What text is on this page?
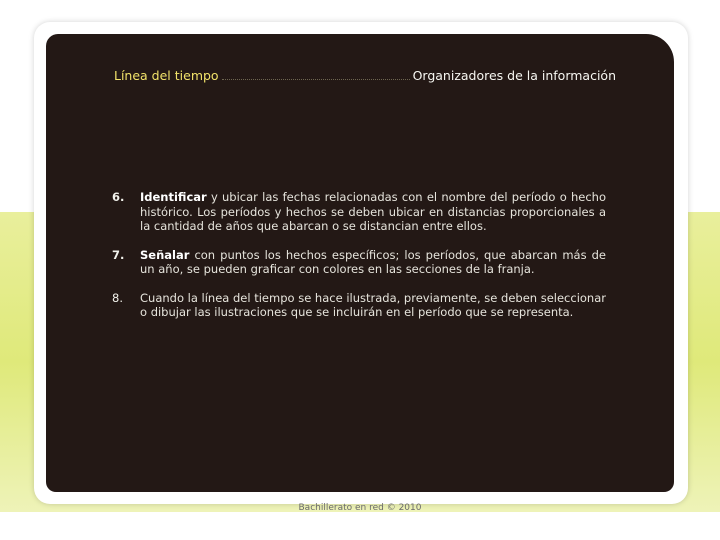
Línea del tiempo	Organizadores de la información
6.	Identificar y ubicar las fechas relacionadas con el nombre del período o hecho histórico. Los períodos y hechos se deben ubicar en distancias proporcionales a la cantidad de años que abarcan o se distancian entre ellos.
7.	Señalar con puntos los hechos específicos; los períodos, que abarcan más de un año, se pueden graficar con colores en las secciones de la franja.
8.	Cuando la línea del tiempo se hace ilustrada, previamente, se deben seleccionar o dibujar las ilustraciones que se incluirán en el período que se representa.
Bachillerato en red © 2010
